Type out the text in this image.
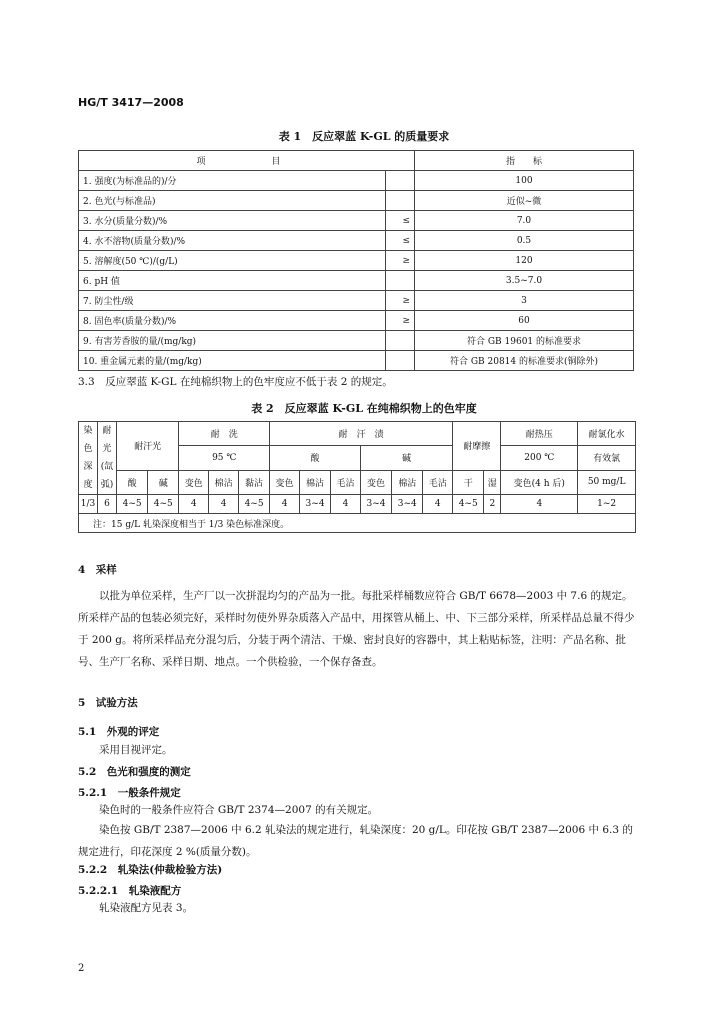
HG/T 3417—2008
表 1　反应翠蓝 K-GL 的质量要求
项　　目		指　　标
1. 强度(为标准品的)/分		100
2. 色光(与标准品)		近似~微
3. 水分(质量分数)/%	≤	7.0
4. 水不溶物(质量分数)/%	≤	0.5
5. 溶解度(50 ℃)/(g/L)	≥	120
6. pH 值		3.5~7.0
7. 防尘性/级	≥	3
8. 固色率(质量分数)/%	≥	60
9. 有害芳香胺的量/(mg/kg)		符合 GB 19601 的标准要求
10. 重金属元素的量/(mg/kg)		符合 GB 20814 的标准要求(铜除外)
3.3　反应翠蓝 K-GL 在纯棉织物上的色牢度应不低于表 2 的规定。
表 2　反应翠蓝 K-GL 在纯棉织物上的色牢度
染色深度	耐光(氙弧)	耐汗光		耐　洗			耐　汗　渍						耐摩擦		耐热压	耐氯化水
				95 ℃			酸			碱					200 ℃	有效氯
		酸	碱	变色	棉沾	黏沾	变色	棉沾	毛沾	变色	棉沾	毛沾	干	湿	变色(4 h 后)	50 mg/L
1/3	6	4~5	4~5	4	4	4~5	4	3~4	4	3~4	3~4	4	4~5	2	4	1~2
注：15 g/L 轧染深度相当于 1/3 染色标准深度。																
4　采样
以批为单位采样，生产厂以一次拼混均匀的产品为一批。每批采样桶数应符合 GB/T 6678—2003 中 7.6 的规定。所采样产品的包装必须完好，采样时勿使外界杂质落入产品中，用探管从桶上、中、下三部分采样，所采样品总量不得少于 200 g。将所采样品充分混匀后，分装于两个清洁、干燥、密封良好的容器中，其上粘贴标签，注明：产品名称、批号、生产厂名称、采样日期、地点。一个供检验，一个保存备查。
5　试验方法
5.1　外观的评定
采用目视评定。
5.2　色光和强度的测定
5.2.1　一般条件规定
染色时的一般条件应符合 GB/T 2374—2007 的有关规定。
染色按 GB/T 2387—2006 中 6.2 轧染法的规定进行，轧染深度：20 g/L。印花按 GB/T 2387—2006 中 6.3 的规定进行，印花深度 2 %(质量分数)。
5.2.2　轧染法(仲裁检验方法)
5.2.2.1　轧染液配方
轧染液配方见表 3。
2
